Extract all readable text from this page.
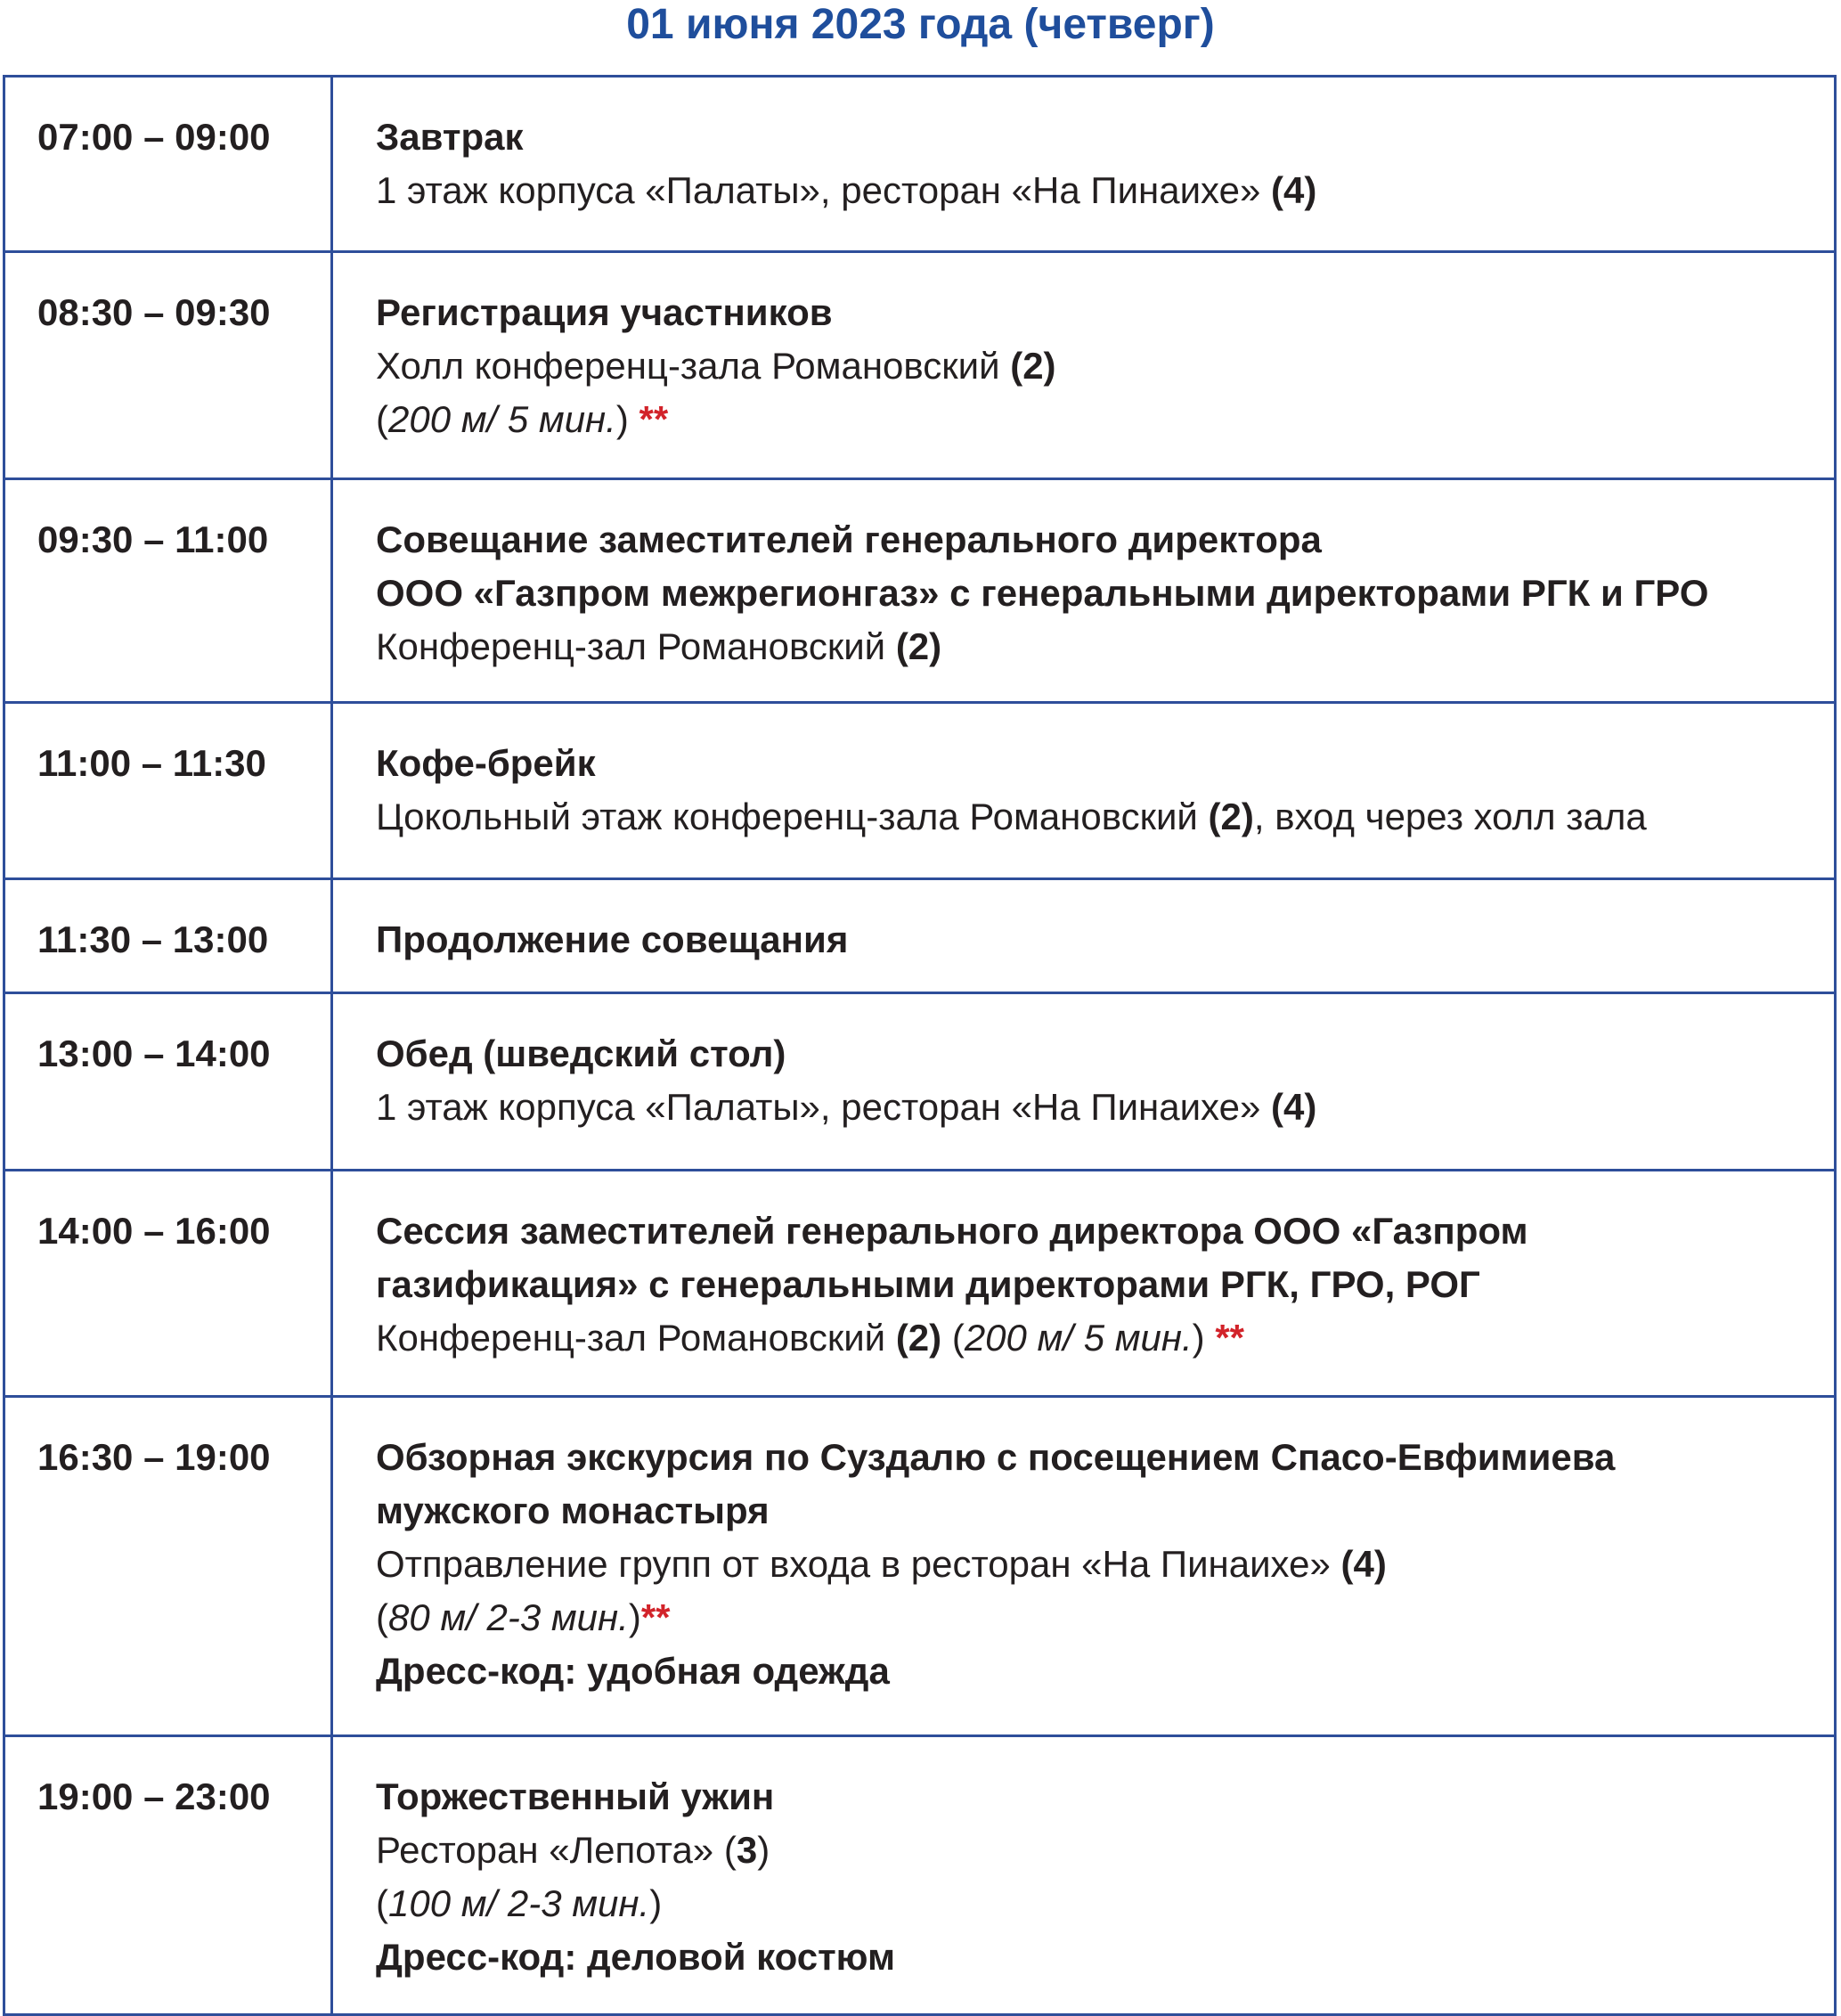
01 июня 2023 года (четверг)
07:00 – 09:00	Завтрак
1 этаж корпуса «Палаты», ресторан «На Пинаихе» (4)

08:30 – 09:30	Регистрация участников
Холл конференц-зала Романовский (2)
(200 м/ 5 мин.) **

09:30 – 11:00	Совещание заместителей генерального директора
ООО «Газпром межрегионгаз» с генеральными директорами РГК и ГРО
Конференц-зал Романовский (2)

11:00 – 11:30	Кофе-брейк
Цокольный этаж конференц-зала Романовский (2), вход через холл зала

11:30 – 13:00	Продолжение совещания

13:00 – 14:00	Обед (шведский стол)
1 этаж корпуса «Палаты», ресторан «На Пинаихе» (4)

14:00 – 16:00	Сессия заместителей генерального директора ООО «Газпром
газификация» с генеральными директорами РГК, ГРО, РОГ
Конференц-зал Романовский (2) (200 м/ 5 мин.) **

16:30 – 19:00	Обзорная экскурсия по Суздалю с посещением Спасо-Евфимиева
мужского монастыря
Отправление групп от входа в ресторан «На Пинаихе» (4)
(80 м/ 2-3 мин.)**
Дресс-код: удобная одежда

19:00 – 23:00	Торжественный ужин
Ресторан «Лепота» (3)
(100 м/ 2-3 мин.)
Дресс-код: деловой костюм
